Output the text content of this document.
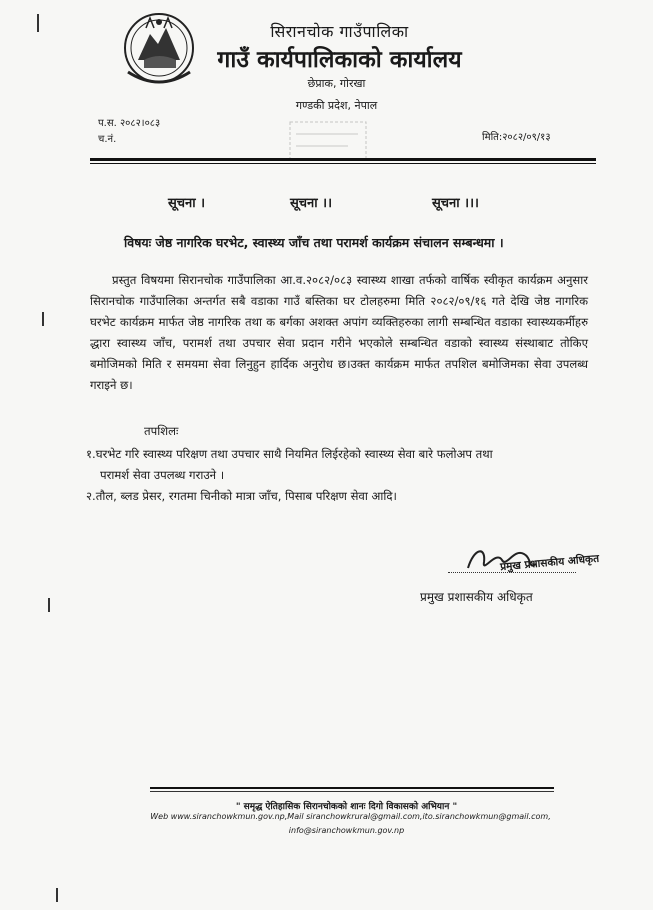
सिरानचोक गाउँपालिका
गाउँ कार्यपालिकाको कार्यालय
छेप्राक, गोरखा
गण्डकी प्रदेश, नेपाल
प.स. २०८२।०८३
च.नं.	मिति:२०८२/०९/१३
सूचना ।	सूचना ।।	सूचना ।।।
विषयः जेष्ठ नागरिक घरभेट, स्वास्थ्य जाँच तथा परामर्श कार्यक्रम संचालन सम्बन्धमा ।

प्रस्तुत विषयमा सिरानचोक गाउँपालिका आ.व.२०८२/०८३ स्वास्थ्य शाखा तर्फको वार्षिक स्वीकृत कार्यक्रम अनुसार सिरानचोक गाउँपालिका अन्तर्गत सबै वडाका गाउँ बस्तिका घर टोलहरुमा मिति २०८२/०९/१६ गते देखि जेष्ठ नागरिक घरभेट कार्यक्रम मार्फत जेष्ठ नागरिक तथा क बर्गका अशक्त अपांग व्यक्तिहरुका लागी सम्बन्धित वडाका स्वास्थ्यकर्मीहरु द्धारा स्वास्थ्य जाँच, परामर्श तथा उपचार सेवा प्रदान गरीने भएकोले सम्बन्धित वडाको स्वास्थ्य संस्थाबाट तोकिए बमोजिमको मिति र समयमा सेवा लिनुहुन हार्दिक अनुरोध छ।उक्त कार्यक्रम मार्फत तपशिल बमोजिमका सेवा उपलब्ध गराइने छ।

तपशिलः
१.घरभेट गरि स्वास्थ्य परिक्षण तथा उपचार साथै नियमित लिईरहेको स्वास्थ्य सेवा बारे फलोअप तथा
परामर्श सेवा उपलब्ध गराउने ।
२.तौल, ब्लड प्रेसर, रगतमा चिनीको मात्रा जाँच, पिसाब परिक्षण सेवा आदि।
प्रमुख प्रशासकीय अधिकृत
प्रमुख प्रशासकीय अधिकृत
" समृद्ध ऐतिहासिक सिरानचोकको शानः दिगो विकासको अभियान "
Web www.siranchowkmun.gov.np,Mail siranchowkrural@gmail.com,ito.siranchowkmun@gmail.com,
info@siranchowkmun.gov.np
